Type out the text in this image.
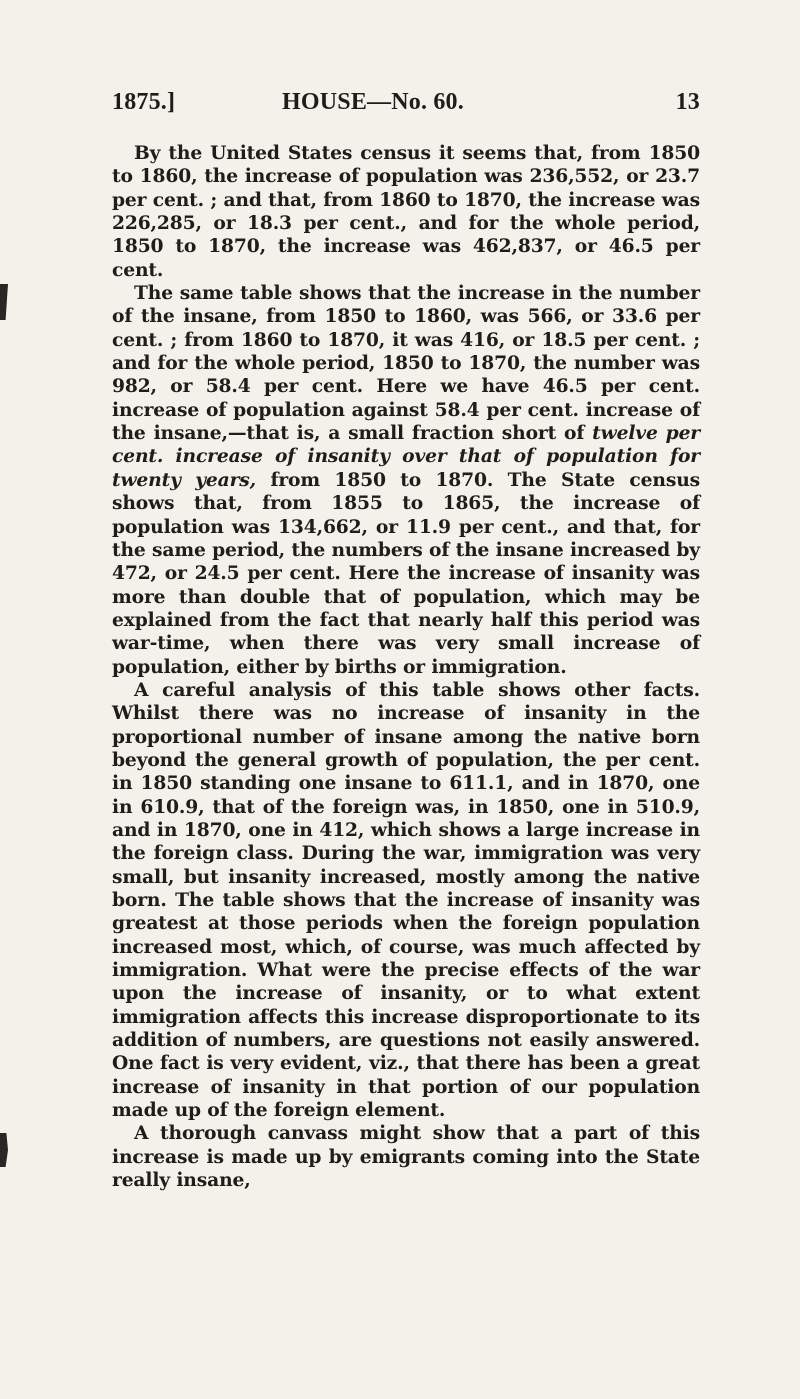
1875.]	HOUSE—No. 60.	13

By the United States census it seems that, from 1850 to 1860, the increase of population was 236,552, or 23.7 per cent. ; and that, from 1860 to 1870, the increase was 226,285, or 18.3 per cent., and for the whole period, 1850 to 1870, the increase was 462,837, or 46.5 per cent.

The same table shows that the increase in the number of the insane, from 1850 to 1860, was 566, or 33.6 per cent. ; from 1860 to 1870, it was 416, or 18.5 per cent. ; and for the whole period, 1850 to 1870, the number was 982, or 58.4 per cent. Here we have 46.5 per cent. increase of population against 58.4 per cent. increase of the insane,—that is, a small fraction short of twelve per cent. increase of insanity over that of population for twenty years, from 1850 to 1870. The State census shows that, from 1855 to 1865, the increase of population was 134,662, or 11.9 per cent., and that, for the same period, the numbers of the insane increased by 472, or 24.5 per cent. Here the increase of insanity was more than double that of population, which may be explained from the fact that nearly half this period was war-time, when there was very small increase of population, either by births or immigration.

A careful analysis of this table shows other facts. Whilst there was no increase of insanity in the proportional number of insane among the native born beyond the general growth of population, the per cent. in 1850 standing one insane to 611.1, and in 1870, one in 610.9, that of the foreign was, in 1850, one in 510.9, and in 1870, one in 412, which shows a large increase in the foreign class. During the war, immigration was very small, but insanity increased, mostly among the native born. The table shows that the increase of insanity was greatest at those periods when the foreign population increased most, which, of course, was much affected by immigration. What were the precise effects of the war upon the increase of insanity, or to what extent immigration affects this increase disproportionate to its addition of numbers, are questions not easily answered. One fact is very evident, viz., that there has been a great increase of insanity in that portion of our population made up of the foreign element.

A thorough canvass might show that a part of this increase is made up by emigrants coming into the State really insane,
